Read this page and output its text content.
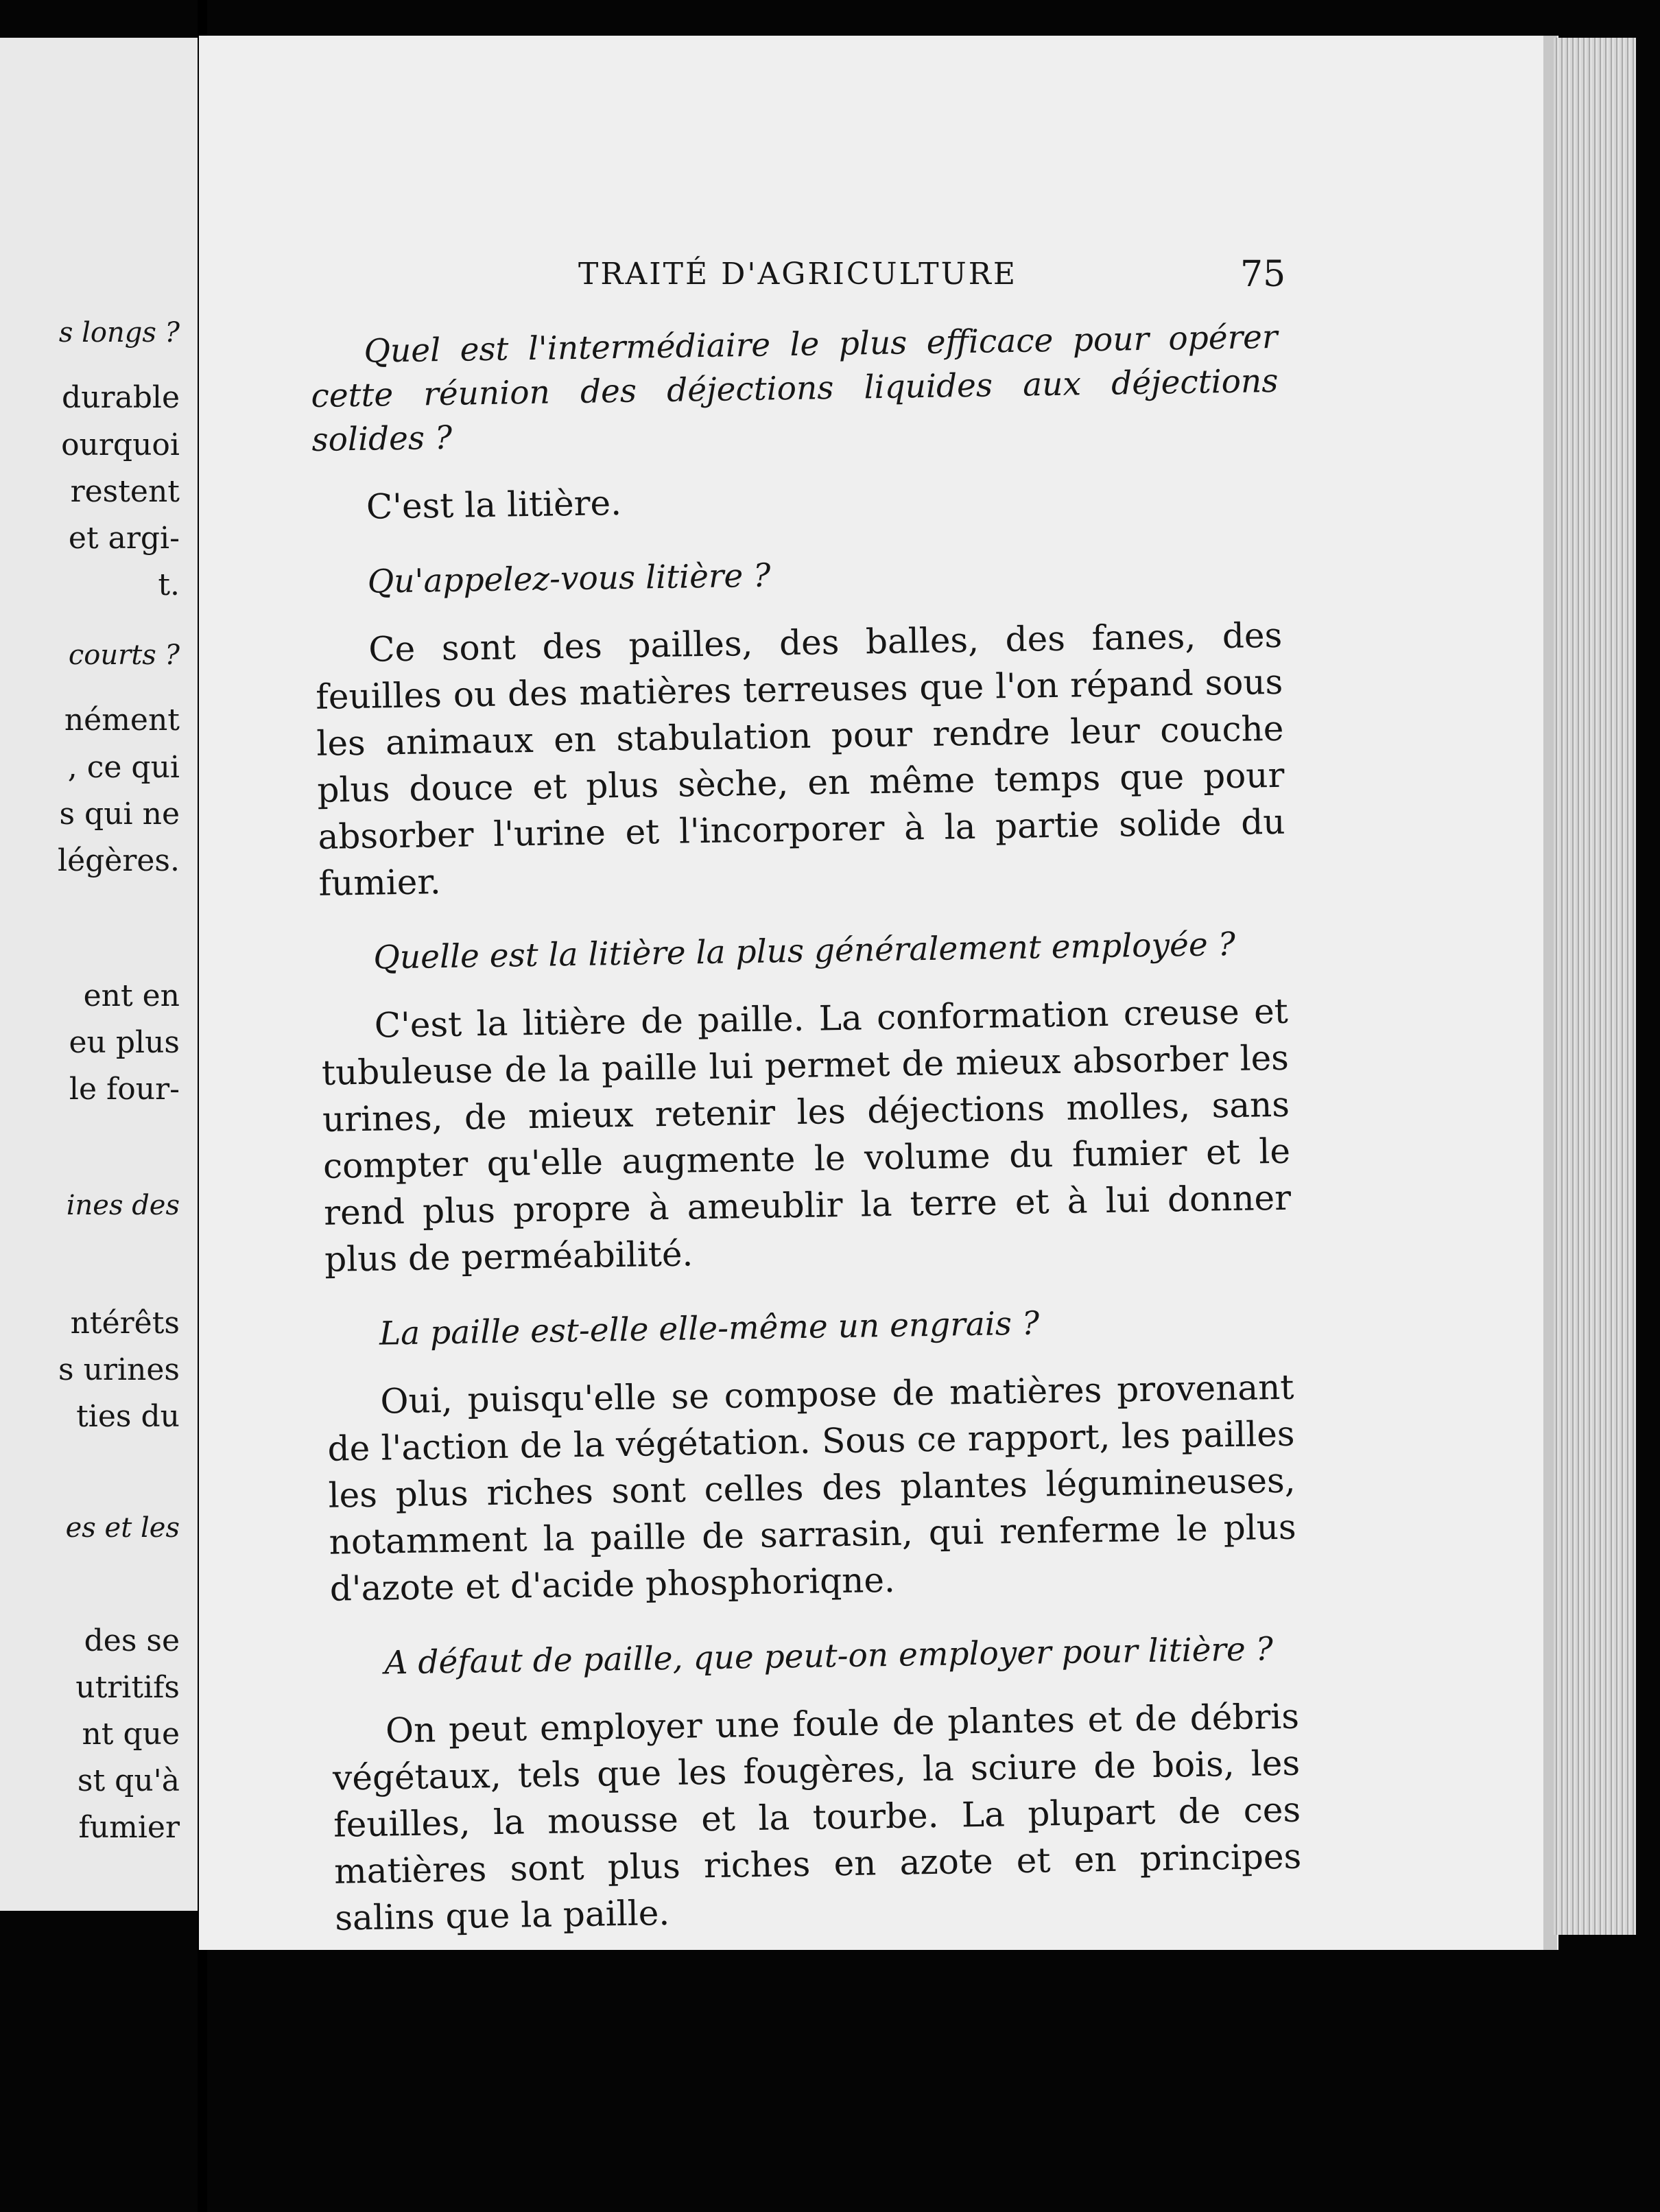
s longs ?
durable
ourquoi
restent
et argi-
t.
courts ?
nément
, ce qui
s qui ne
légères.
ent en
eu plus
le four-
ines des
ntérêts
s urines
ties du
es et les
des se
utritifs
nt que
st qu'à
fumier
TRAITÉ D'AGRICULTURE	75

Quel est l'intermédiaire le plus efficace pour opérer cette réunion des déjections liquides aux déjections solides ?

C'est la litière.

Qu'appelez-vous litière ?

Ce sont des pailles, des balles, des fanes, des feuilles ou des matières terreuses que l'on répand sous les animaux en stabulation pour rendre leur couche plus douce et plus sèche, en même temps que pour absorber l'urine et l'incorporer à la partie solide du fumier.

Quelle est la litière la plus généralement employée ?

C'est la litière de paille. La conformation creuse et tubuleuse de la paille lui permet de mieux absorber les urines, de mieux retenir les déjections molles, sans compter qu'elle augmente le volume du fumier et le rend plus propre à ameublir la terre et à lui donner plus de perméabilité.

La paille est-elle elle-même un engrais ?

Oui, puisqu'elle se compose de matières provenant de l'action de la végétation. Sous ce rapport, les pailles les plus riches sont celles des plantes légumineuses, notamment la paille de sarrasin, qui renferme le plus d'azote et d'acide phosphoriqne.

A défaut de paille, que peut-on employer pour litière ?

On peut employer une foule de plantes et de débris végétaux, tels que les fougères, la sciure de bois, les feuilles, la mousse et la tourbe. La plupart de ces matières sont plus riches en azote et en principes salins que la paille.
